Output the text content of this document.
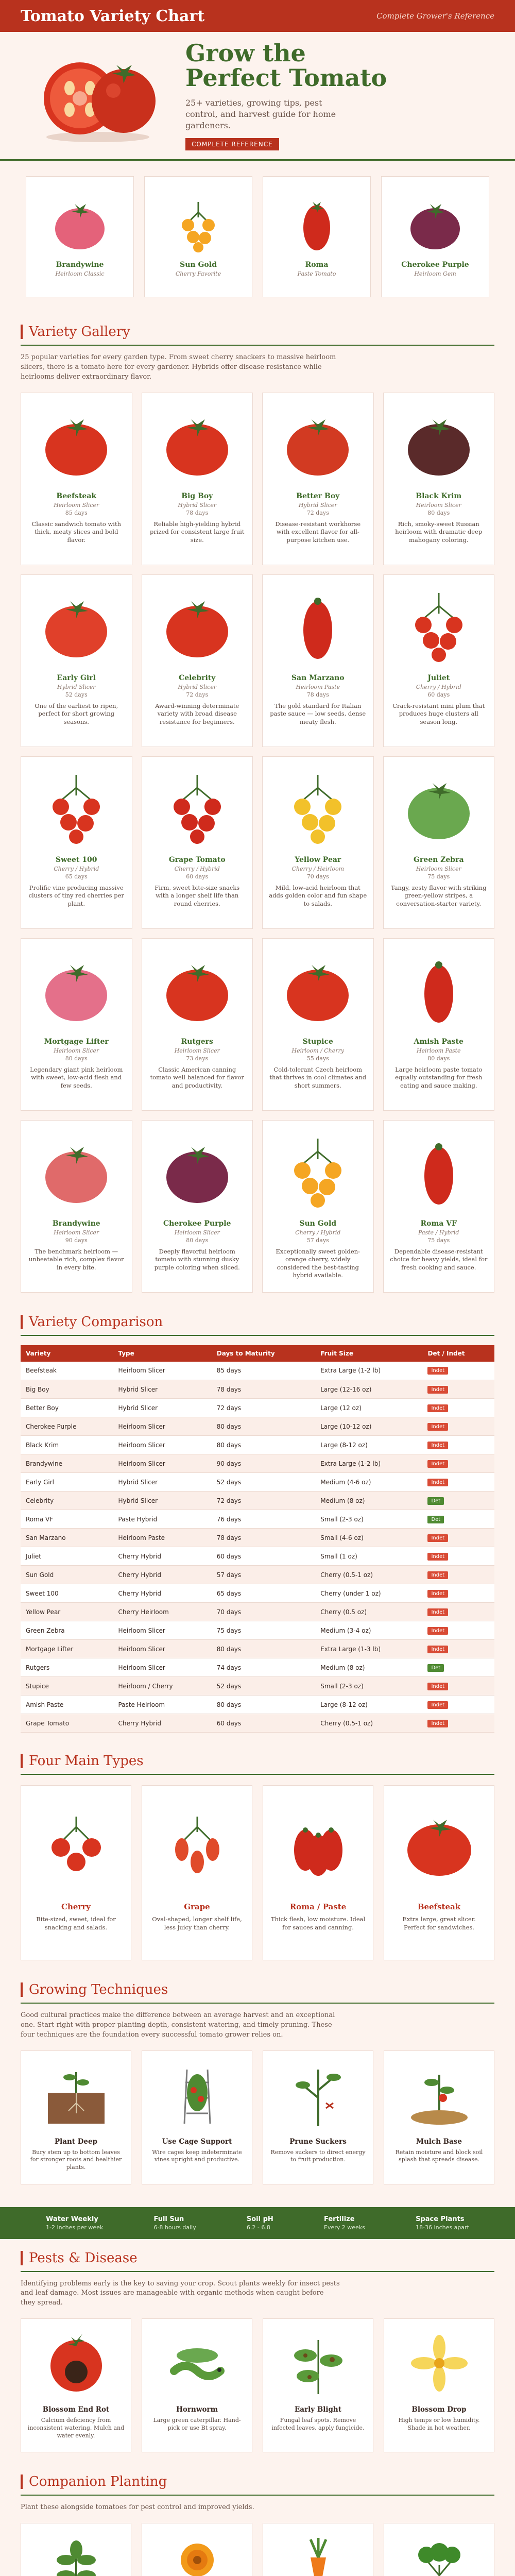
Tomato Variety Chart	Complete Grower's Reference
Grow the
Perfect Tomato

25+ varieties, growing tips, pest control, and harvest guide for home gardeners.

COMPLETE REFERENCE
Brandywine
Heirloom Classic
Sun Gold
Cherry Favorite
Roma
Paste Tomato
Cherokee Purple
Heirloom Gem
Variety Gallery

25 popular varieties for every garden type. From sweet cherry snackers to massive heirloom slicers, there is a tomato here for every gardener. Hybrids offer disease resistance while heirlooms deliver extraordinary flavor.

Beefsteak
Heirloom Slicer
85 days
Classic sandwich tomato with thick, meaty slices and bold flavor.
Big Boy
Hybrid Slicer
78 days
Reliable high-yielding hybrid prized for consistent large fruit size.
Better Boy
Hybrid Slicer
72 days
Disease-resistant workhorse with excellent flavor for all-purpose kitchen use.
Black Krim
Heirloom Slicer
80 days
Rich, smoky-sweet Russian heirloom with dramatic deep mahogany coloring.
Early Girl
Hybrid Slicer
52 days
One of the earliest to ripen, perfect for short growing seasons.
Celebrity
Hybrid Slicer
72 days
Award-winning determinate variety with broad disease resistance for beginners.
San Marzano
Heirloom Paste
78 days
The gold standard for Italian paste sauce — low seeds, dense meaty flesh.
Juliet
Cherry / Hybrid
60 days
Crack-resistant mini plum that produces huge clusters all season long.
Sweet 100
Cherry / Hybrid
65 days
Prolific vine producing massive clusters of tiny red cherries per plant.
Grape Tomato
Cherry / Hybrid
60 days
Firm, sweet bite-size snacks with a longer shelf life than round cherries.
Yellow Pear
Cherry / Heirloom
70 days
Mild, low-acid heirloom that adds golden color and fun shape to salads.
Green Zebra
Heirloom Slicer
75 days
Tangy, zesty flavor with striking green-yellow stripes, a conversation-starter variety.
Mortgage Lifter
Heirloom Slicer
80 days
Legendary giant pink heirloom with sweet, low-acid flesh and few seeds.
Rutgers
Heirloom Slicer
73 days
Classic American canning tomato well balanced for flavor and productivity.
Stupice
Heirloom / Cherry
55 days
Cold-tolerant Czech heirloom that thrives in cool climates and short summers.
Amish Paste
Heirloom Paste
80 days
Large heirloom paste tomato equally outstanding for fresh eating and sauce making.
Brandywine
Heirloom Slicer
90 days
The benchmark heirloom — unbeatable rich, complex flavor in every bite.
Cherokee Purple
Heirloom Slicer
80 days
Deeply flavorful heirloom tomato with stunning dusky purple coloring when sliced.
Sun Gold
Cherry / Hybrid
57 days
Exceptionally sweet golden-orange cherry, widely considered the best-tasting hybrid available.
Roma VF
Paste / Hybrid
75 days
Dependable disease-resistant choice for heavy yields, ideal for fresh cooking and sauce.
Variety Comparison
Variety	Type	Days to Maturity	Fruit Size	Det / Indet
Beefsteak	Heirloom Slicer	85 days	Extra Large (1-2 lb)	Indet
Big Boy	Hybrid Slicer	78 days	Large (12-16 oz)	Indet
Better Boy	Hybrid Slicer	72 days	Large (12 oz)	Indet
Cherokee Purple	Heirloom Slicer	80 days	Large (10-12 oz)	Indet
Black Krim	Heirloom Slicer	80 days	Large (8-12 oz)	Indet
Brandywine	Heirloom Slicer	90 days	Extra Large (1-2 lb)	Indet
Early Girl	Hybrid Slicer	52 days	Medium (4-6 oz)	Indet
Celebrity	Hybrid Slicer	72 days	Medium (8 oz)	Det
Roma VF	Paste Hybrid	76 days	Small (2-3 oz)	Det
San Marzano	Heirloom Paste	78 days	Small (4-6 oz)	Indet
Juliet	Cherry Hybrid	60 days	Small (1 oz)	Indet
Sun Gold	Cherry Hybrid	57 days	Cherry (0.5-1 oz)	Indet
Sweet 100	Cherry Hybrid	65 days	Cherry (under 1 oz)	Indet
Yellow Pear	Cherry Heirloom	70 days	Cherry (0.5 oz)	Indet
Green Zebra	Heirloom Slicer	75 days	Medium (3-4 oz)	Indet
Mortgage Lifter	Heirloom Slicer	80 days	Extra Large (1-3 lb)	Indet
Rutgers	Heirloom Slicer	74 days	Medium (8 oz)	Det
Stupice	Heirloom / Cherry	52 days	Small (2-3 oz)	Indet
Amish Paste	Paste Heirloom	80 days	Large (8-12 oz)	Indet
Grape Tomato	Cherry Hybrid	60 days	Cherry (0.5-1 oz)	Indet
Four Main Types
Cherry
Bite-sized, sweet, ideal for snacking and salads.
Grape
Oval-shaped, longer shelf life, less juicy than cherry.
Roma / Paste
Thick flesh, low moisture. Ideal for sauces and canning.
Beefsteak
Extra large, great slicer. Perfect for sandwiches.
Growing Techniques

Good cultural practices make the difference between an average harvest and an exceptional one. Start right with proper planting depth, consistent watering, and timely pruning. These four techniques are the foundation every successful tomato grower relies on.

Plant Deep
Bury stem up to bottom leaves for stronger roots and healthier plants.
Use Cage Support
Wire cages keep indeterminate vines upright and productive.
Prune Suckers
Remove suckers to direct energy to fruit production.
Mulch Base
Retain moisture and block soil splash that spreads disease.
Water Weekly
1-2 inches per week
Full Sun
6-8 hours daily
Soil pH
6.2 - 6.8
Fertilize
Every 2 weeks
Space Plants
18-36 inches apart
Pests & Disease

Identifying problems early is the key to saving your crop. Scout plants weekly for insect pests and leaf damage. Most issues are manageable with organic methods when caught before they spread.

Blossom End Rot
Calcium deficiency from inconsistent watering. Mulch and water evenly.
Hornworm
Large green caterpillar. Hand-pick or use Bt spray.
Early Blight
Fungal leaf spots. Remove infected leaves, apply fungicide.
Blossom Drop
High temps or low humidity. Shade in hot weather.
Companion Planting

Plant these alongside tomatoes for pest control and improved yields.
